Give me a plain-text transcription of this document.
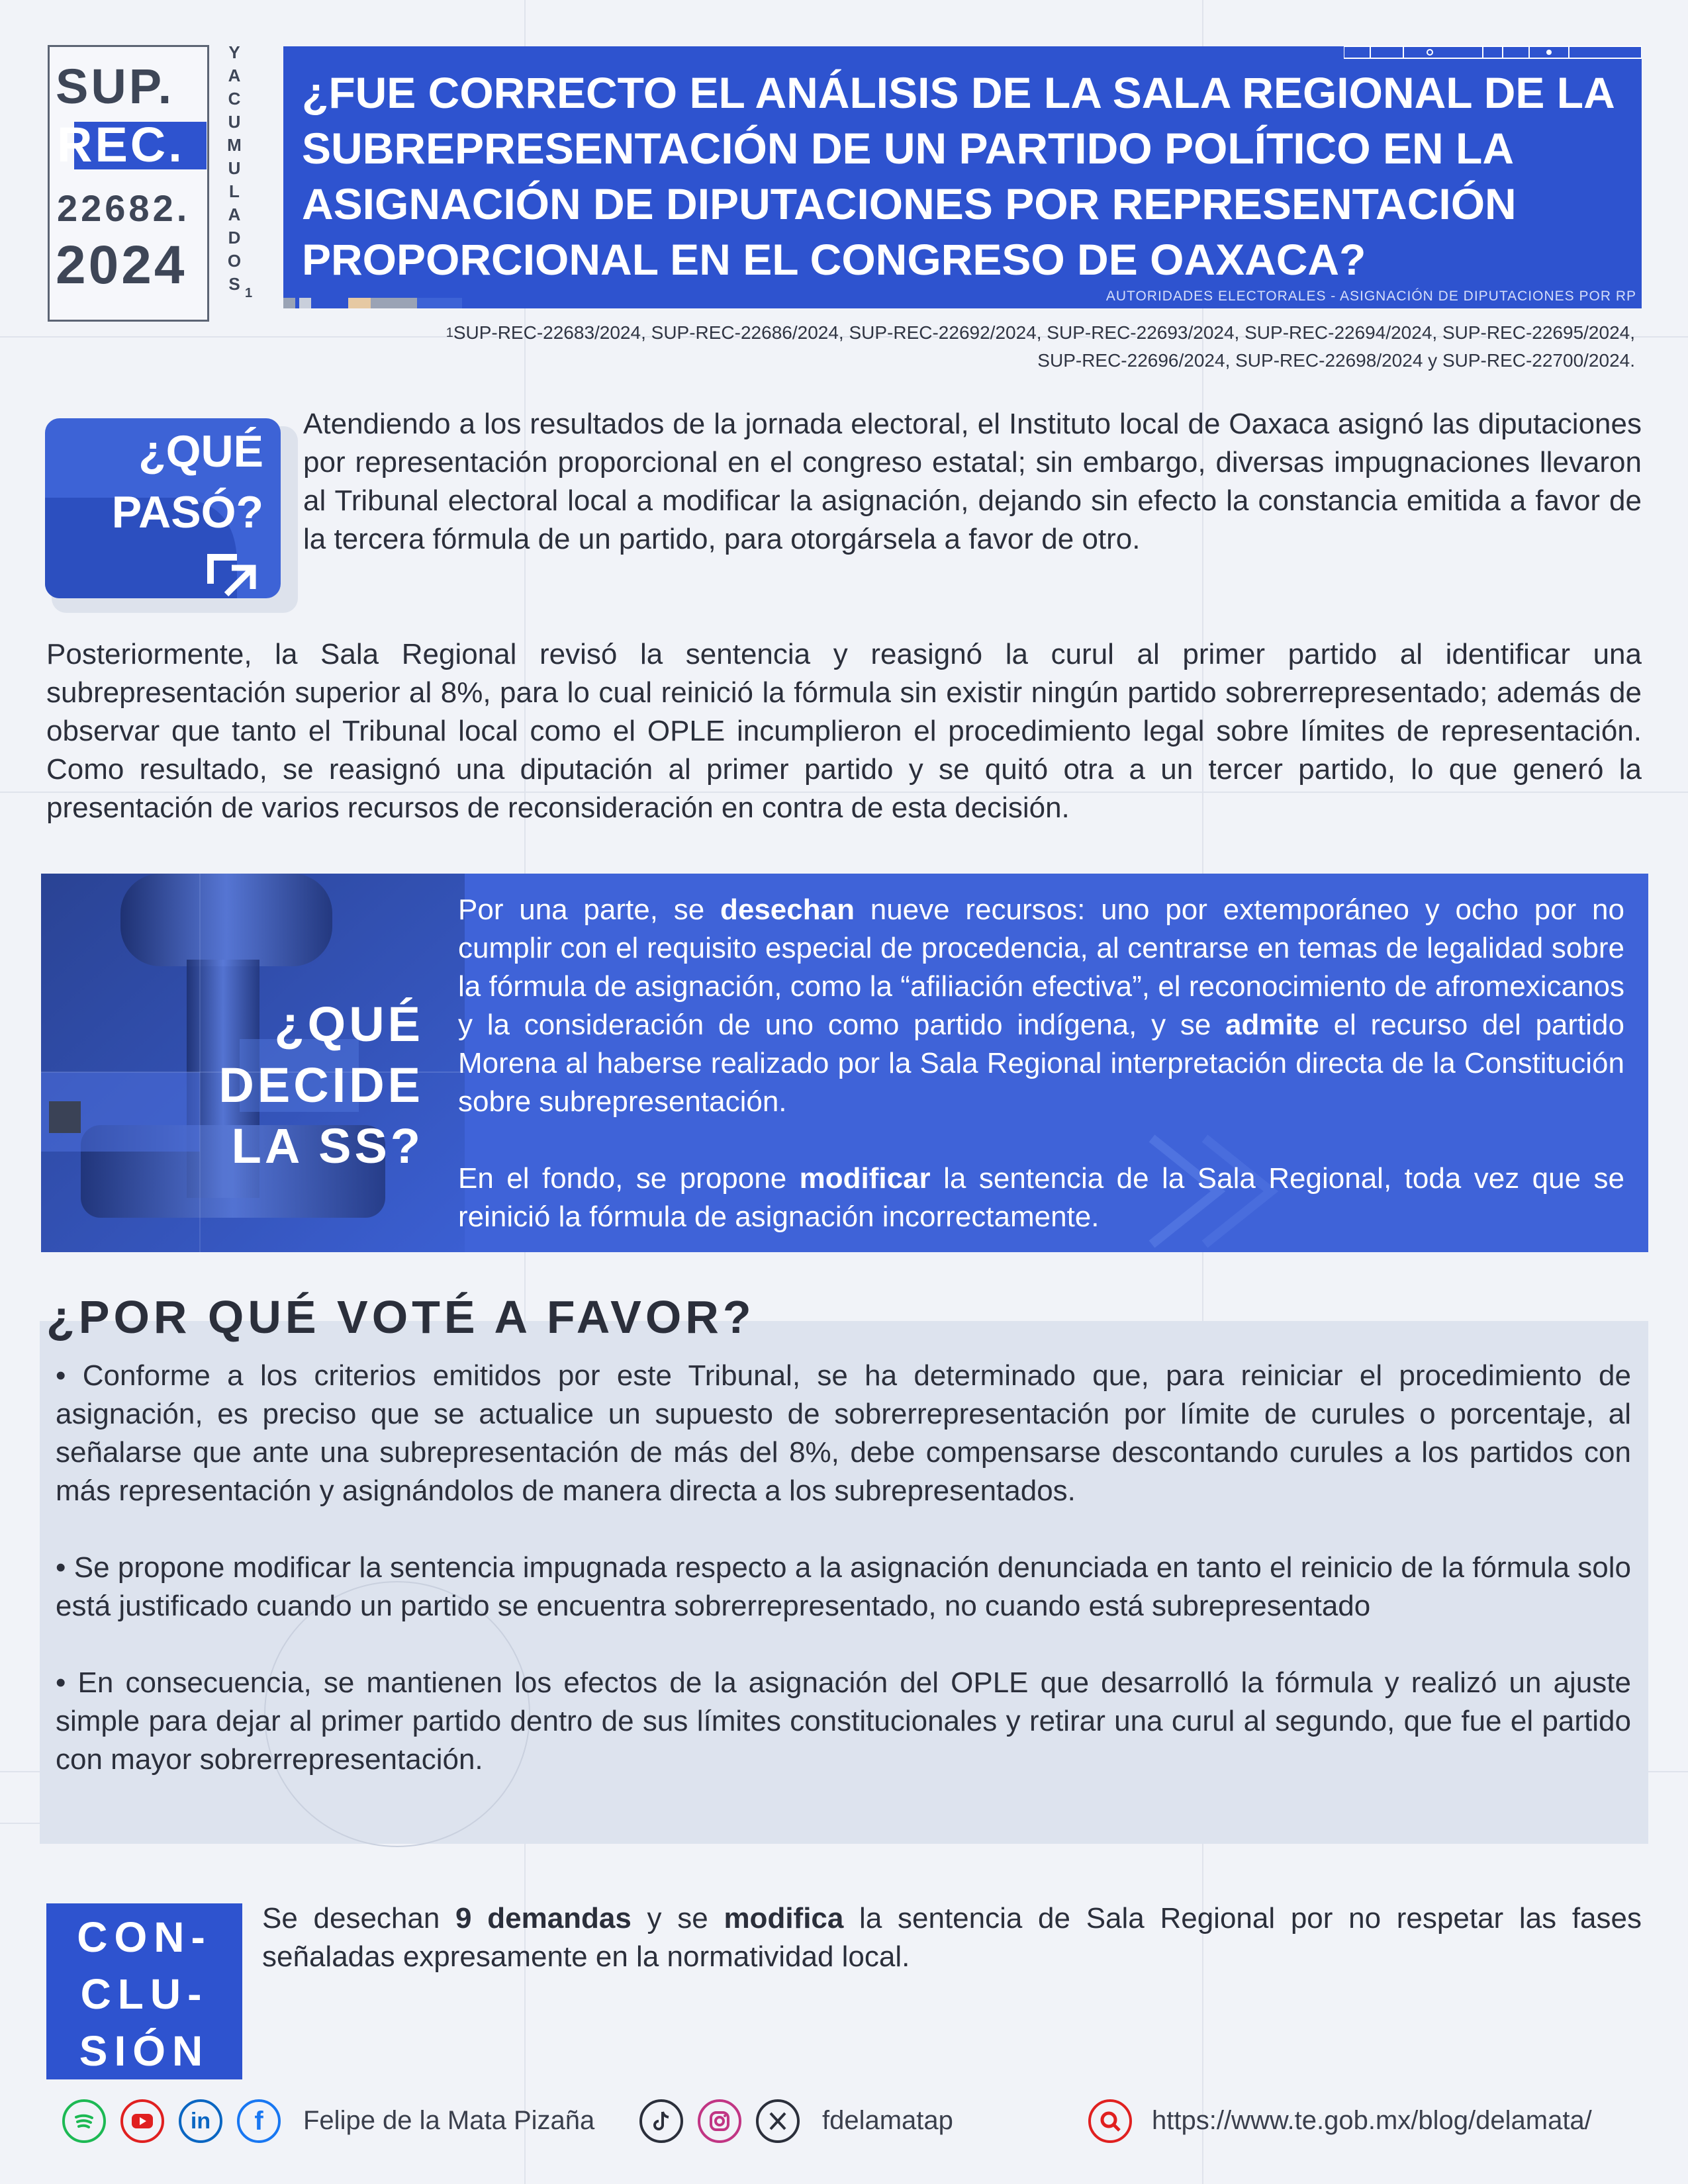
SUP.
REC.
22682.
2024
Y
A
C
U
M
U
L
A
D
O
S 1
¿FUE CORRECTO EL ANÁLISIS DE LA SALA REGIONAL DE LA SUBREPRESENTACIÓN DE UN PARTIDO POLÍTICO EN LA ASIGNACIÓN DE DIPUTACIONES POR REPRESENTACIÓN PROPORCIONAL EN EL CONGRESO DE OAXACA?
AUTORIDADES ELECTORALES - ASIGNACIÓN DE DIPUTACIONES POR RP
$^1$SUP-REC-22683/2024, SUP-REC-22686/2024, SUP-REC-22692/2024, SUP-REC-22693/2024, SUP-REC-22694/2024, SUP-REC-22695/2024,
SUP-REC-22696/2024, SUP-REC-22698/2024 y SUP-REC-22700/2024.
¿QUÉ
PASÓ?
Atendiendo a los resultados de la jornada electoral, el Instituto local de Oaxaca asignó las diputaciones por representación proporcional en el congreso estatal; sin embargo, diversas impugnaciones llevaron al Tribunal electoral local a modificar la asignación, dejando sin efecto la constancia emitida a favor de la tercera fórmula de un partido, para otorgársela a favor de otro.
Posteriormente, la Sala Regional revisó la sentencia y reasignó la curul al primer partido al identificar una subrepresentación superior al 8%, para lo cual reinició la fórmula sin existir ningún partido sobrerrepresentado; además de observar que tanto el Tribunal local como el OPLE incumplieron el procedimiento legal sobre límites de representación. Como resultado, se reasignó una diputación al primer partido y se quitó otra a un tercer partido, lo que generó la presentación de varios recursos de reconsideración en contra de esta decisión.
¿QUÉ DECIDE
LA SS?
Por una parte, se desechan nueve recursos: uno por extemporáneo y ocho por no cumplir con el requisito especial de procedencia, al centrarse en temas de legalidad sobre la fórmula de asignación, como la “afiliación efectiva”, el reconocimiento de afromexicanos y la consideración de uno como partido indígena, y se admite el recurso del partido Morena al haberse realizado por la Sala Regional interpretación directa de la Constitución sobre subrepresentación.
En el fondo, se propone modificar la sentencia de la Sala Regional, toda vez que se reinició la fórmula de asignación incorrectamente.
¿POR QUÉ VOTÉ A FAVOR?

• Conforme a los criterios emitidos por este Tribunal, se ha determinado que, para reiniciar el procedimiento de asignación, es preciso que se actualice un supuesto de sobrerrepresentación por límite de curules o porcentaje, al señalarse que ante una subrepresentación de más del 8%, debe compensarse descontando curules a los partidos con más representación y asignándolos de manera directa a los subrepresentados.

• Se propone modificar la sentencia impugnada respecto a la asignación denunciada en tanto el reinicio de la fórmula solo está justificado cuando un partido se encuentra sobrerrepresentado, no cuando está subrepresentado

• En consecuencia, se mantienen los efectos de la asignación del OPLE que desarrolló la fórmula y realizó un ajuste simple para dejar al primer partido dentro de sus límites constitucionales y retirar una curul al segundo, que fue el partido con mayor sobrerrepresentación.

CON-
CLU-
SIÓN
Se desechan 9 demandas y se modifica la sentencia de Sala Regional por no respetar las fases señaladas expresamente en la normatividad local.
in f Felipe de la Mata Pizaña	fdelamatap	https://www.te.gob.mx/blog/delamata/
